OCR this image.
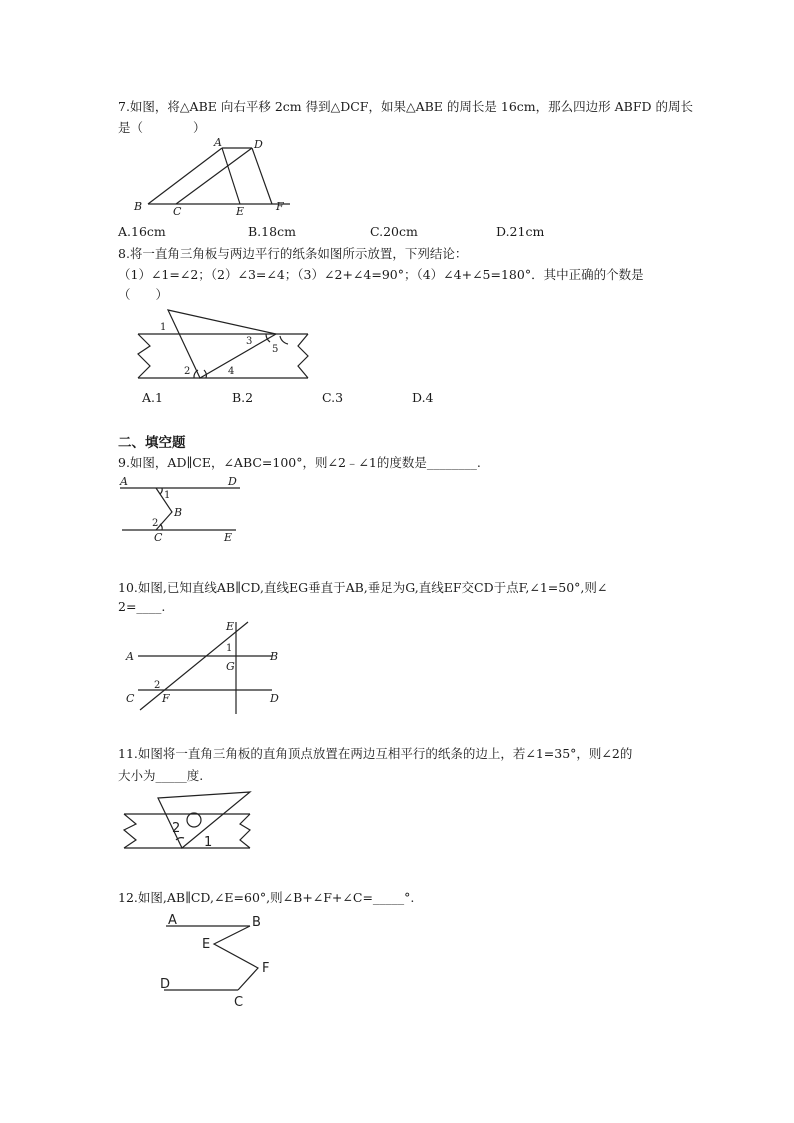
7.如图，将△ABE 向右平移 2cm 得到△DCF，如果△ABE 的周长是 16cm，那么四边形 ABFD 的周长
是（　　　　）
A	D
B	C	E	F
A.16cm	B.18cm	C.20cm	D.21cm
8.将一直角三角板与两边平行的纸条如图所示放置，下列结论：
（1）∠1=∠2；（2）∠3=∠4；（3）∠2+∠4=90°；（4）∠4+∠5=180°．其中正确的个数是
（　　）
1
2
3
4
5
A.1	B.2	C.3	D.4
二、填空题
9.如图，AD∥CE，∠ABC=100°，则∠2﹣∠1的度数是________.
A	D
1
B
2
C	E
10.如图,已知直线AB∥CD,直线EG垂直于AB,垂足为G,直线EF交CD于点F,∠1=50°,则∠
2=____.
E
1
G
A	B
2
C	F	D
11.如图将一直角三角板的直角顶点放置在两边互相平行的纸条的边上，若∠1=35°，则∠2的
大小为_____度.
2
1
12.如图,AB∥CD,∠E=60°,则∠B+∠F+∠C=_____°.
A	B
E
F
D
C
